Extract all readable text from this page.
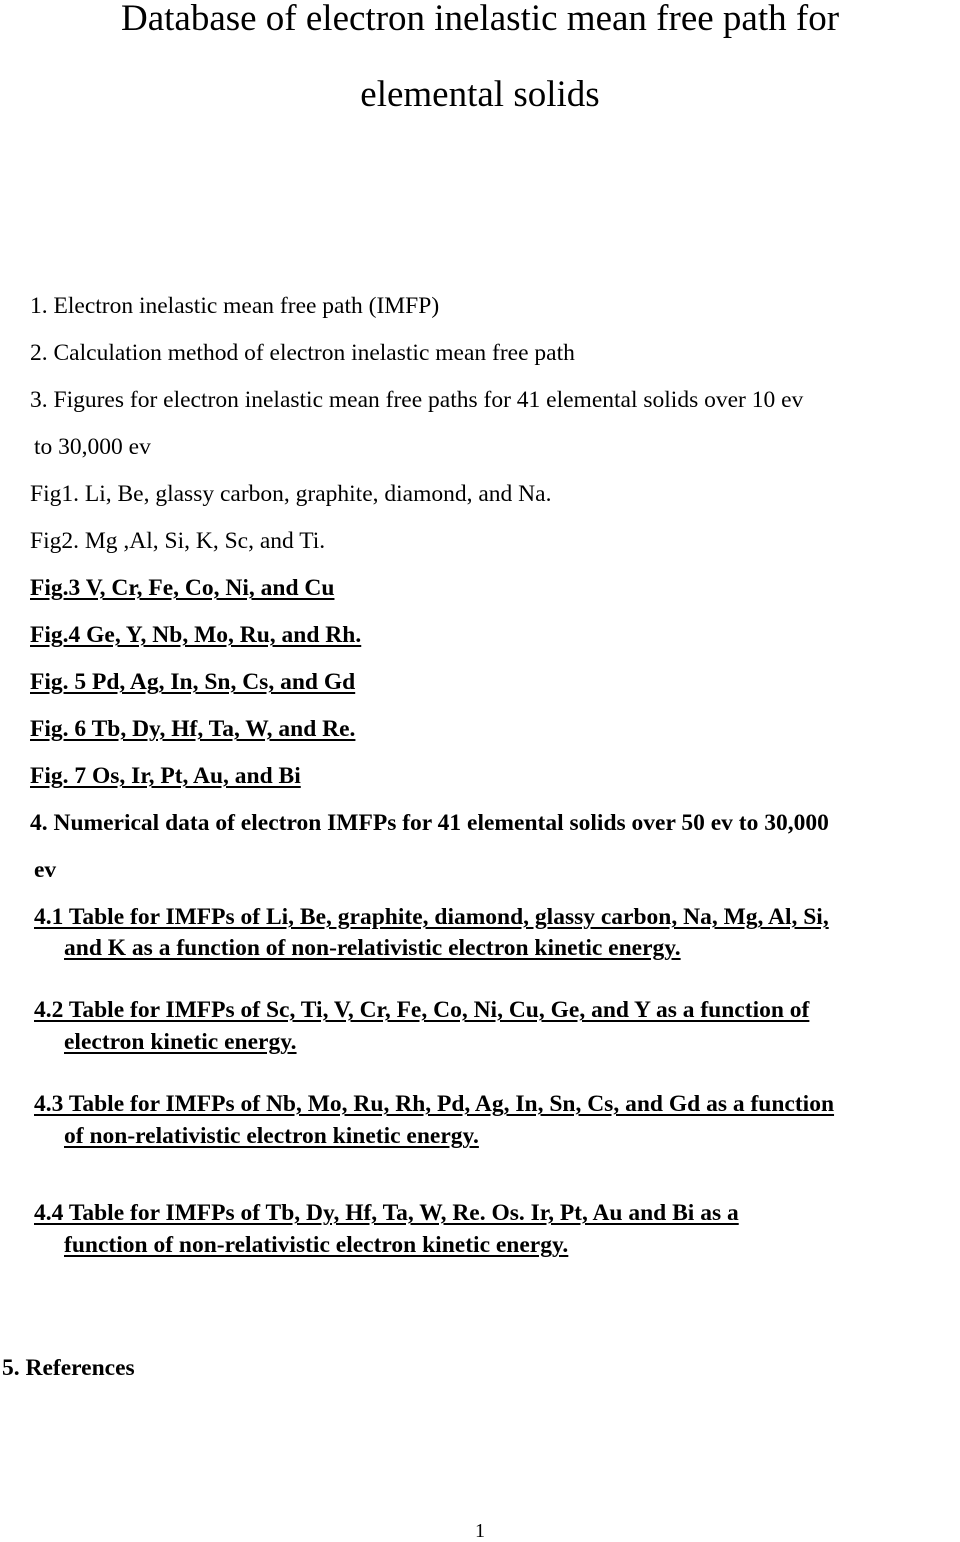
Database of electron inelastic mean free path for
elemental solids
1. Electron inelastic mean free path (IMFP)
2. Calculation method of electron inelastic mean free path
3. Figures for electron inelastic mean free paths for 41 elemental solids over 10 ev
to 30,000 ev
Fig1. Li, Be, glassy carbon, graphite, diamond, and Na.
Fig2. Mg ,Al, Si, K, Sc, and Ti.
Fig.3 V, Cr, Fe, Co, Ni, and Cu
Fig.4 Ge, Y, Nb, Mo, Ru, and Rh.
Fig. 5 Pd, Ag, In, Sn, Cs, and Gd
Fig. 6 Tb, Dy, Hf, Ta, W, and Re.
Fig. 7 Os, Ir, Pt, Au, and Bi
4. Numerical data of electron IMFPs for 41 elemental solids over 50 ev to 30,000
ev
4.1 Table for IMFPs of Li, Be, graphite, diamond, glassy carbon, Na, Mg, Al, Si,
and K as a function of non-relativistic electron kinetic energy.
4.2 Table for IMFPs of Sc, Ti, V, Cr, Fe, Co, Ni, Cu, Ge, and Y as a function of
electron kinetic energy.
4.3 Table for IMFPs of Nb, Mo, Ru, Rh, Pd, Ag, In, Sn, Cs, and Gd as a function
of non-relativistic electron kinetic energy.
4.4 Table for IMFPs of Tb, Dy, Hf, Ta, W, Re. Os. Ir, Pt, Au and Bi as a
function of non-relativistic electron kinetic energy.
5. References
1
